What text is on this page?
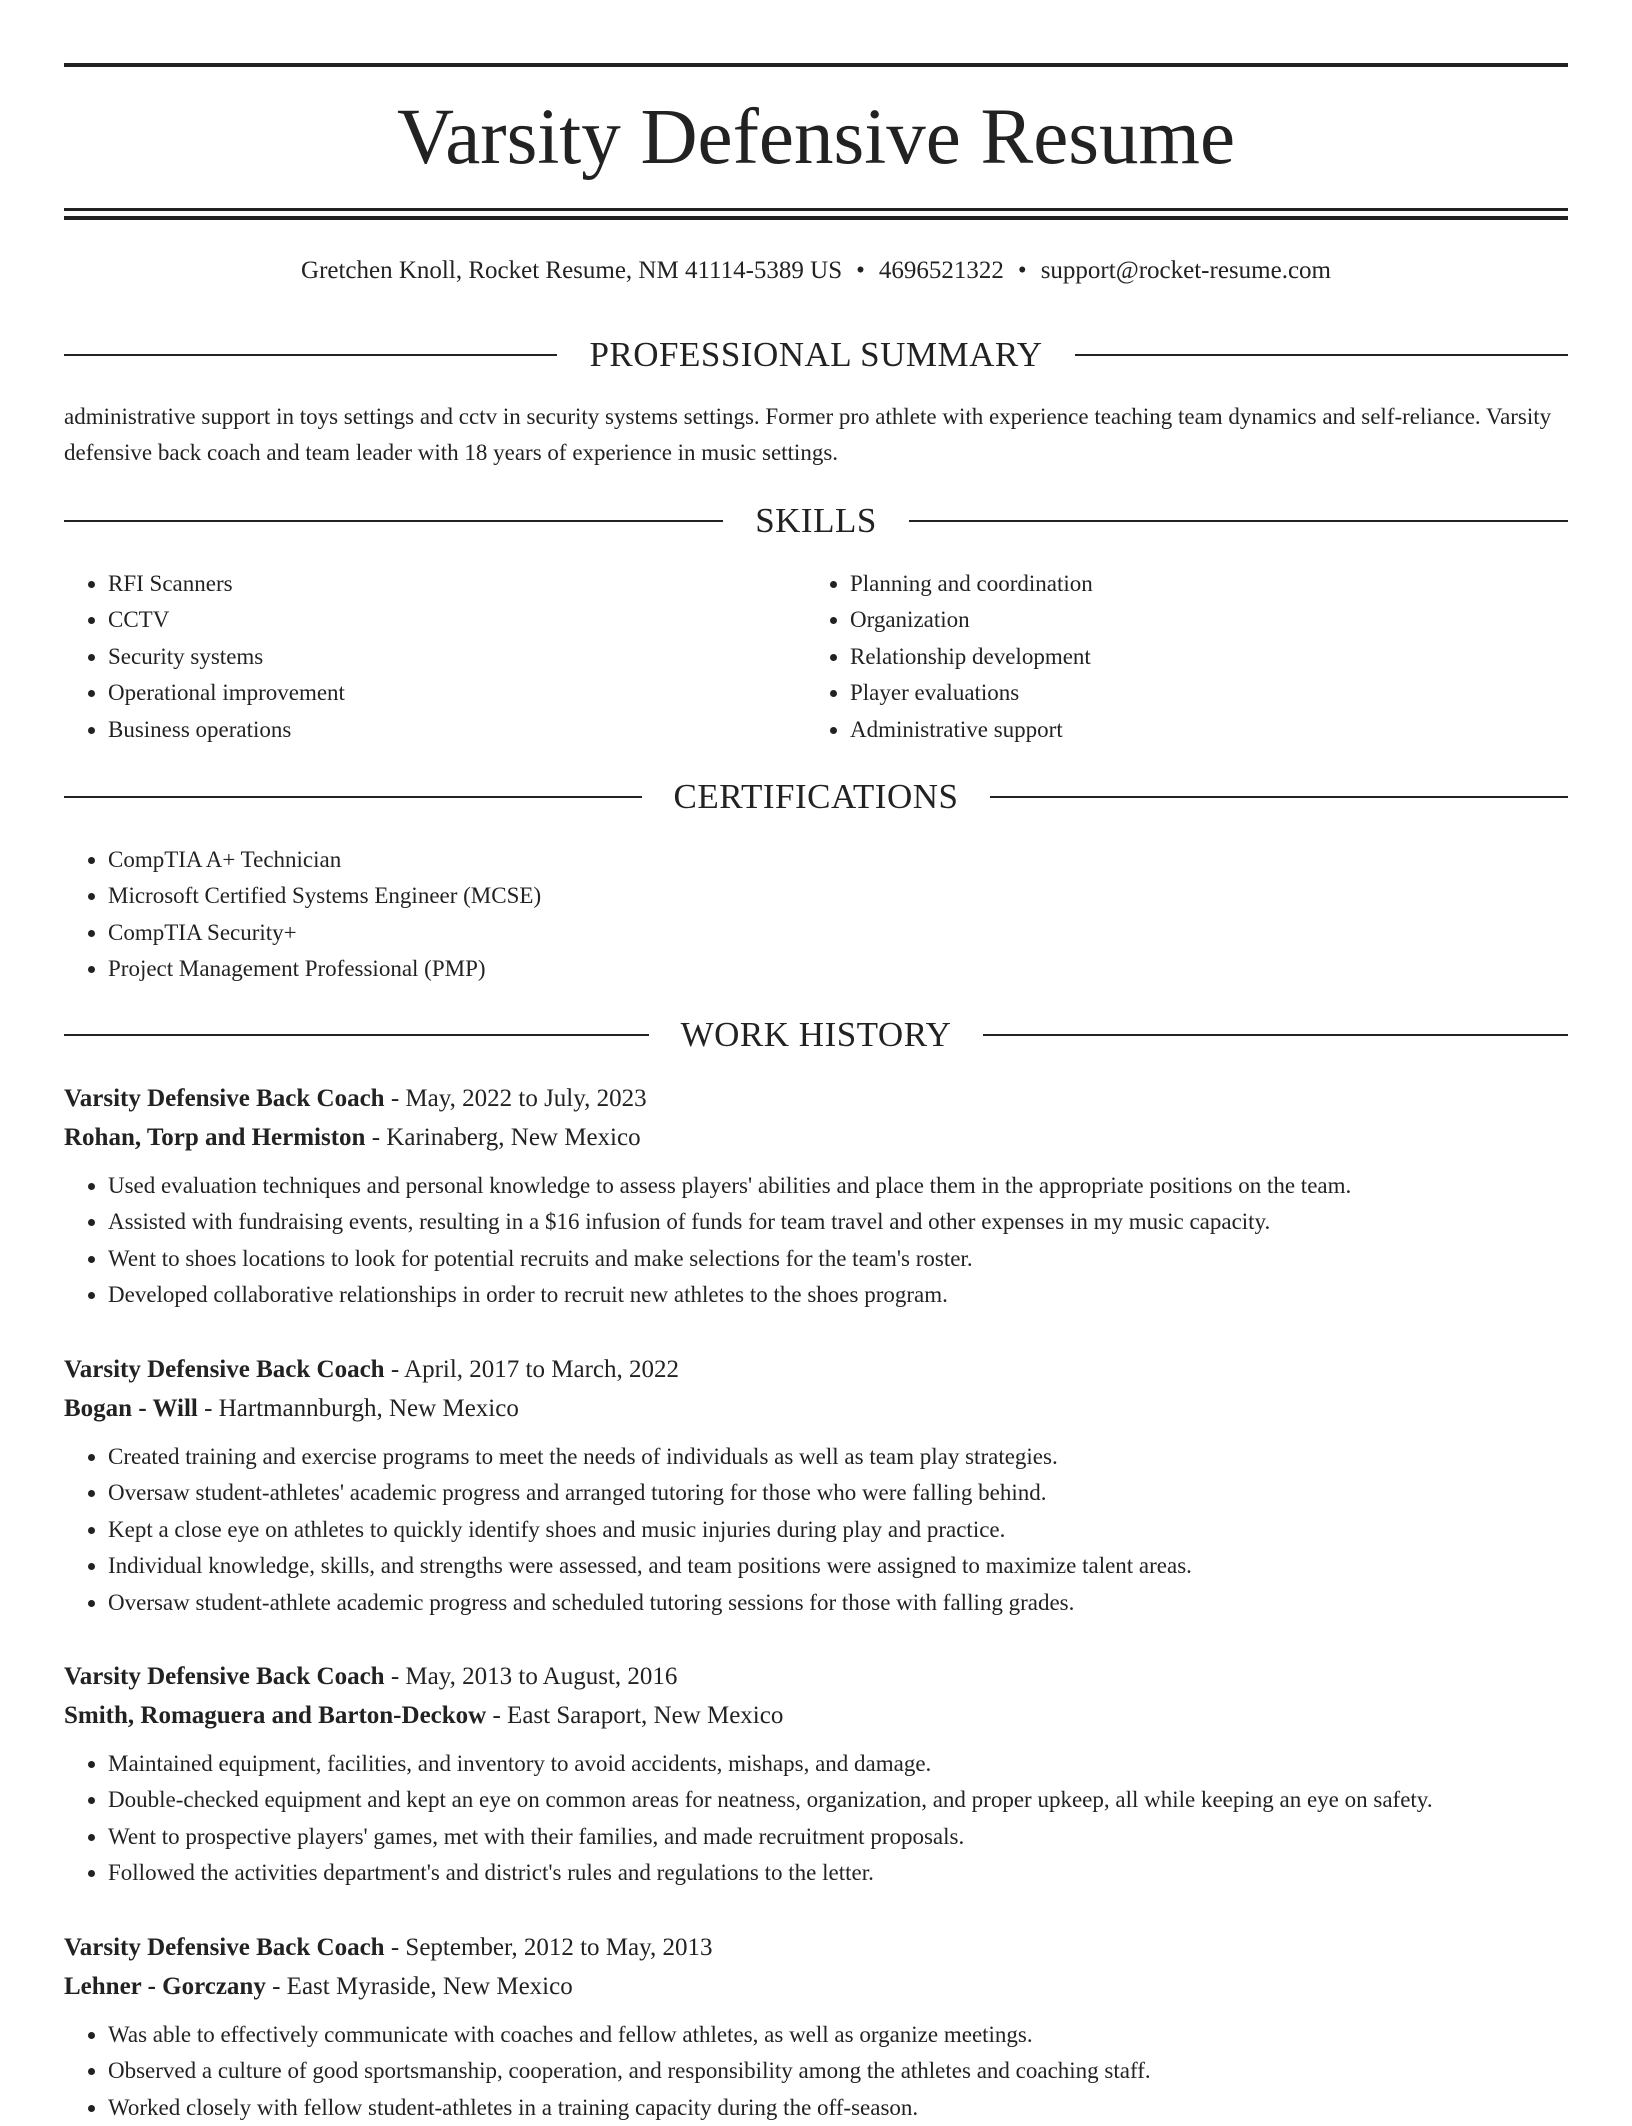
Varsity Defensive Resume
Gretchen Knoll, Rocket Resume, NM 41114-5389 US • 4696521322 • support@rocket-resume.com
PROFESSIONAL SUMMARY

administrative support in toys settings and cctv in security systems settings. Former pro athlete with experience teaching team dynamics and self-reliance. Varsity defensive back coach and team leader with 18 years of experience in music settings.

SKILLS
• RFI Scanners
• CCTV
• Security systems
• Operational improvement
• Business operations
• Planning and coordination
• Organization
• Relationship development
• Player evaluations
• Administrative support
CERTIFICATIONS
• CompTIA A+ Technician
• Microsoft Certified Systems Engineer (MCSE)
• CompTIA Security+
• Project Management Professional (PMP)
WORK HISTORY
Varsity Defensive Back Coach - May, 2022 to July, 2023
Rohan, Torp and Hermiston - Karinaberg, New Mexico
• Used evaluation techniques and personal knowledge to assess players' abilities and place them in the appropriate positions on the team.
• Assisted with fundraising events, resulting in a $16 infusion of funds for team travel and other expenses in my music capacity.
• Went to shoes locations to look for potential recruits and make selections for the team's roster.
• Developed collaborative relationships in order to recruit new athletes to the shoes program.
Varsity Defensive Back Coach - April, 2017 to March, 2022
Bogan - Will - Hartmannburgh, New Mexico
• Created training and exercise programs to meet the needs of individuals as well as team play strategies.
• Oversaw student-athletes' academic progress and arranged tutoring for those who were falling behind.
• Kept a close eye on athletes to quickly identify shoes and music injuries during play and practice.
• Individual knowledge, skills, and strengths were assessed, and team positions were assigned to maximize talent areas.
• Oversaw student-athlete academic progress and scheduled tutoring sessions for those with falling grades.
Varsity Defensive Back Coach - May, 2013 to August, 2016
Smith, Romaguera and Barton-Deckow - East Saraport, New Mexico
• Maintained equipment, facilities, and inventory to avoid accidents, mishaps, and damage.
• Double-checked equipment and kept an eye on common areas for neatness, organization, and proper upkeep, all while keeping an eye on safety.
• Went to prospective players' games, met with their families, and made recruitment proposals.
• Followed the activities department's and district's rules and regulations to the letter.
Varsity Defensive Back Coach - September, 2012 to May, 2013
Lehner - Gorczany - East Myraside, New Mexico
• Was able to effectively communicate with coaches and fellow athletes, as well as organize meetings.
• Observed a culture of good sportsmanship, cooperation, and responsibility among the athletes and coaching staff.
• Worked closely with fellow student-athletes in a training capacity during the off-season.
